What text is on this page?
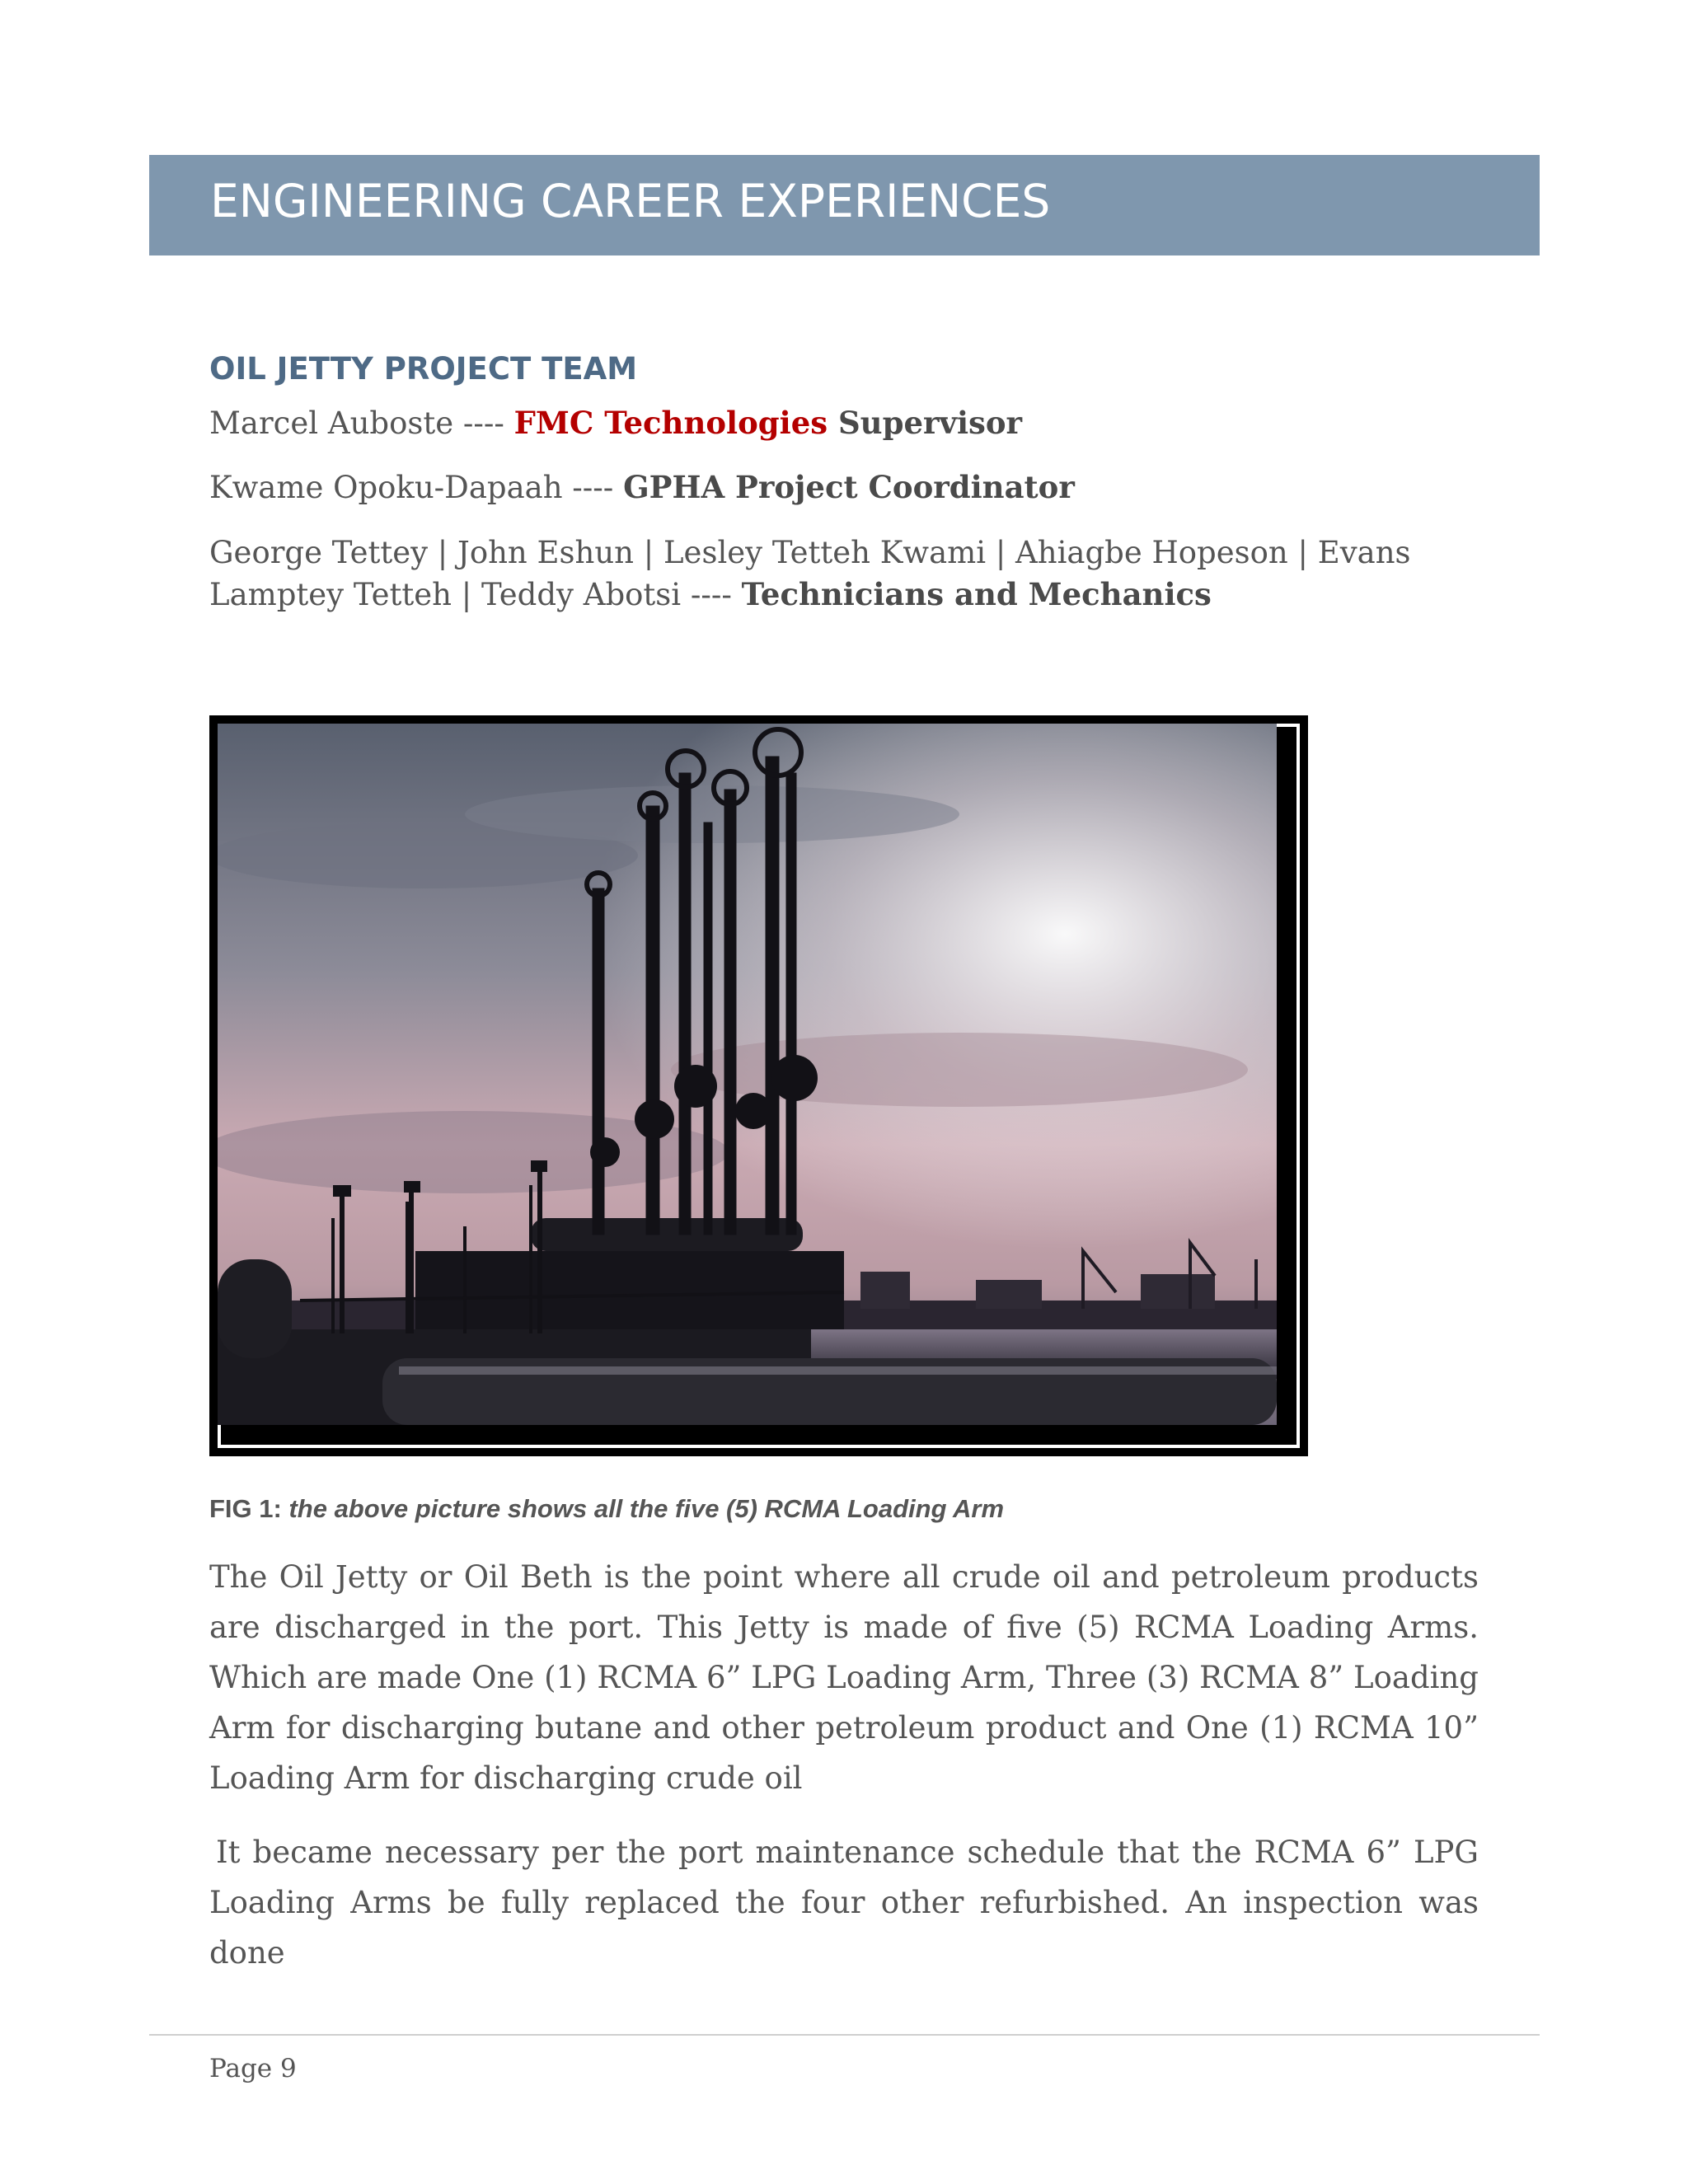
ENGINEERING CAREER EXPERIENCES
OIL JETTY PROJECT TEAM
Marcel Auboste ---- FMC Technologies Supervisor
Kwame Opoku-Dapaah ---- GPHA Project Coordinator
George Tettey | John Eshun | Lesley Tetteh Kwami | Ahiagbe Hopeson | Evans Lamptey Tetteh | Teddy Abotsi ---- Technicians and Mechanics
FIG 1: the above picture shows all the five (5) RCMA Loading Arm
The Oil Jetty or Oil Beth is the point where all crude oil and petroleum products are discharged in the port. This Jetty is made of five (5) RCMA Loading Arms. Which are made One (1) RCMA 6” LPG Loading Arm, Three (3) RCMA 8” Loading Arm for discharging butane and other petroleum product and One (1) RCMA 10” Loading Arm for discharging crude oil
It became necessary per the port maintenance schedule that the RCMA 6” LPG Loading Arms be fully replaced the four other refurbished. An inspection was done
Page 9
